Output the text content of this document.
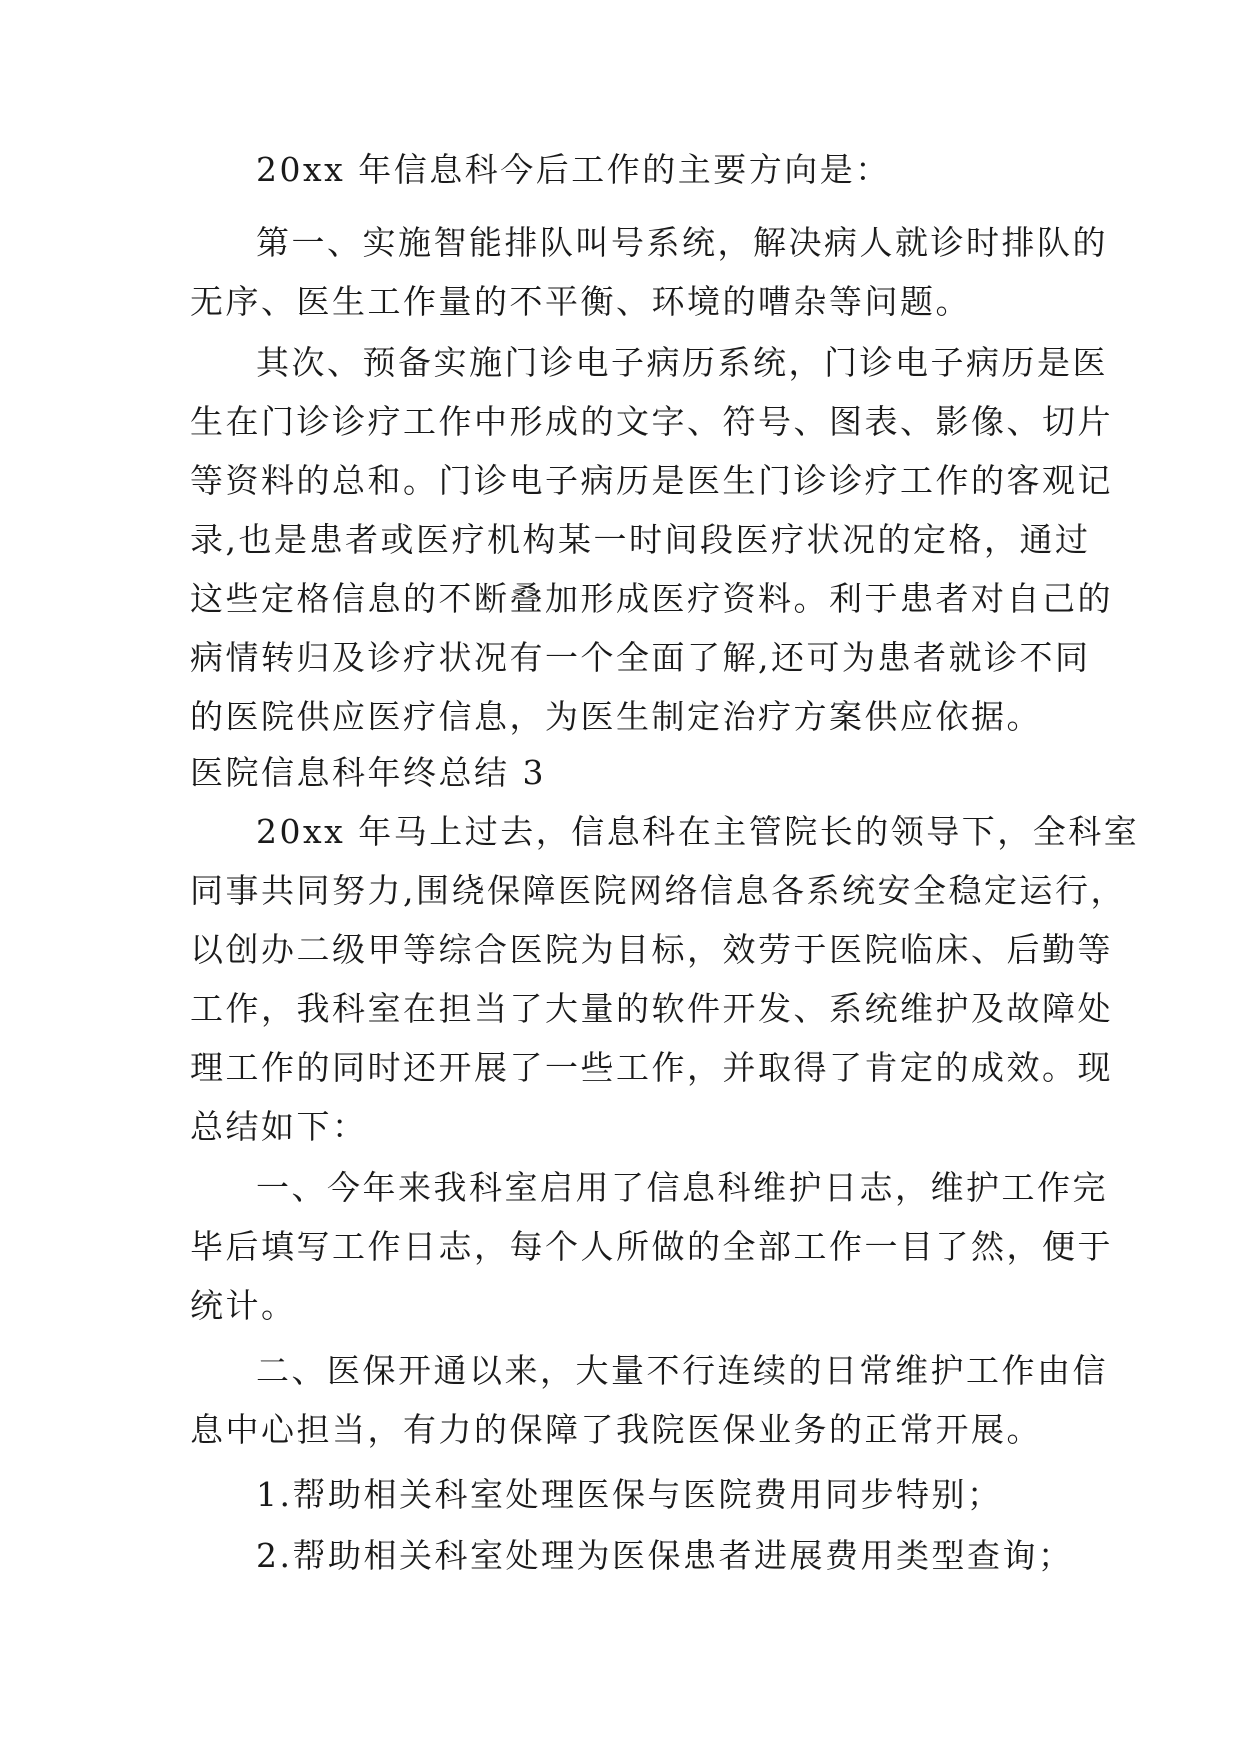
20xx 年信息科今后工作的主要方向是：

第一、实施智能排队叫号系统，解决病人就诊时排队的

无序、医生工作量的不平衡、环境的嘈杂等问题。

其次、预备实施门诊电子病历系统，门诊电子病历是医

生在门诊诊疗工作中形成的文字、符号、图表、影像、切片

等资料的总和。门诊电子病历是医生门诊诊疗工作的客观记

录,也是患者或医疗机构某一时间段医疗状况的定格，通过

这些定格信息的不断叠加形成医疗资料。利于患者对自己的

病情转归及诊疗状况有一个全面了解,还可为患者就诊不同

的医院供应医疗信息，为医生制定治疗方案供应依据。

医院信息科年终总结 3

20xx 年马上过去，信息科在主管院长的领导下，全科室

同事共同努力,围绕保障医院网络信息各系统安全稳定运行，

以创办二级甲等综合医院为目标，效劳于医院临床、后勤等

工作，我科室在担当了大量的软件开发、系统维护及故障处

理工作的同时还开展了一些工作，并取得了肯定的成效。现

总结如下：

一、今年来我科室启用了信息科维护日志，维护工作完

毕后填写工作日志，每个人所做的全部工作一目了然，便于

统计。

二、医保开通以来，大量不行连续的日常维护工作由信

息中心担当，有力的保障了我院医保业务的正常开展。

1.帮助相关科室处理医保与医院费用同步特别；

2.帮助相关科室处理为医保患者进展费用类型查询；
